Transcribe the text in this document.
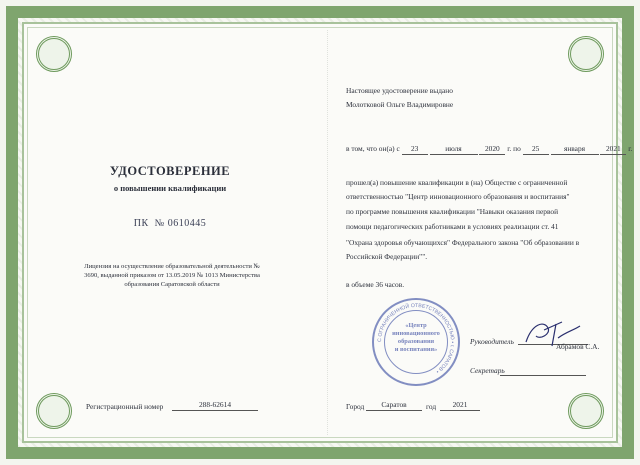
УДОСТОВЕРЕНИЕ
о повышении квалификации
ПК № 0610445
Лицензия на осуществление образовательной деятельности № 3690, выданной приказом от 13.05.2019 № 1013 Министерства образования Саратовской области
Регистрационный номер	288-62614
Настоящее удостоверение выдано
Молотковой Ольге Владимировне
в том, что он(а) с 23	июля	2020 г. по 25	января	2021 г.
прошел(а) повышение квалификации в (на) Обществе с ограниченной
ответственностью "Центр инновационного образования и воспитания"
по программе повышения квалификации "Навыки оказания первой
помощи педагогических работниками в условиях реализации ст. 41
"Охрана здоровья обучающихся" Федерального закона "Об образовании в
Российской Федерации"".
в объеме 36 часов.
С ОГРАНИЧЕННОЙ ОТВЕТСТВЕННОСТЬЮ • г. САРАТОВ •
«Центр
инновационного
образования
и воспитания»
Руководитель
Абрамов С.А.
Секретарь
Город	Саратов	год	2021
